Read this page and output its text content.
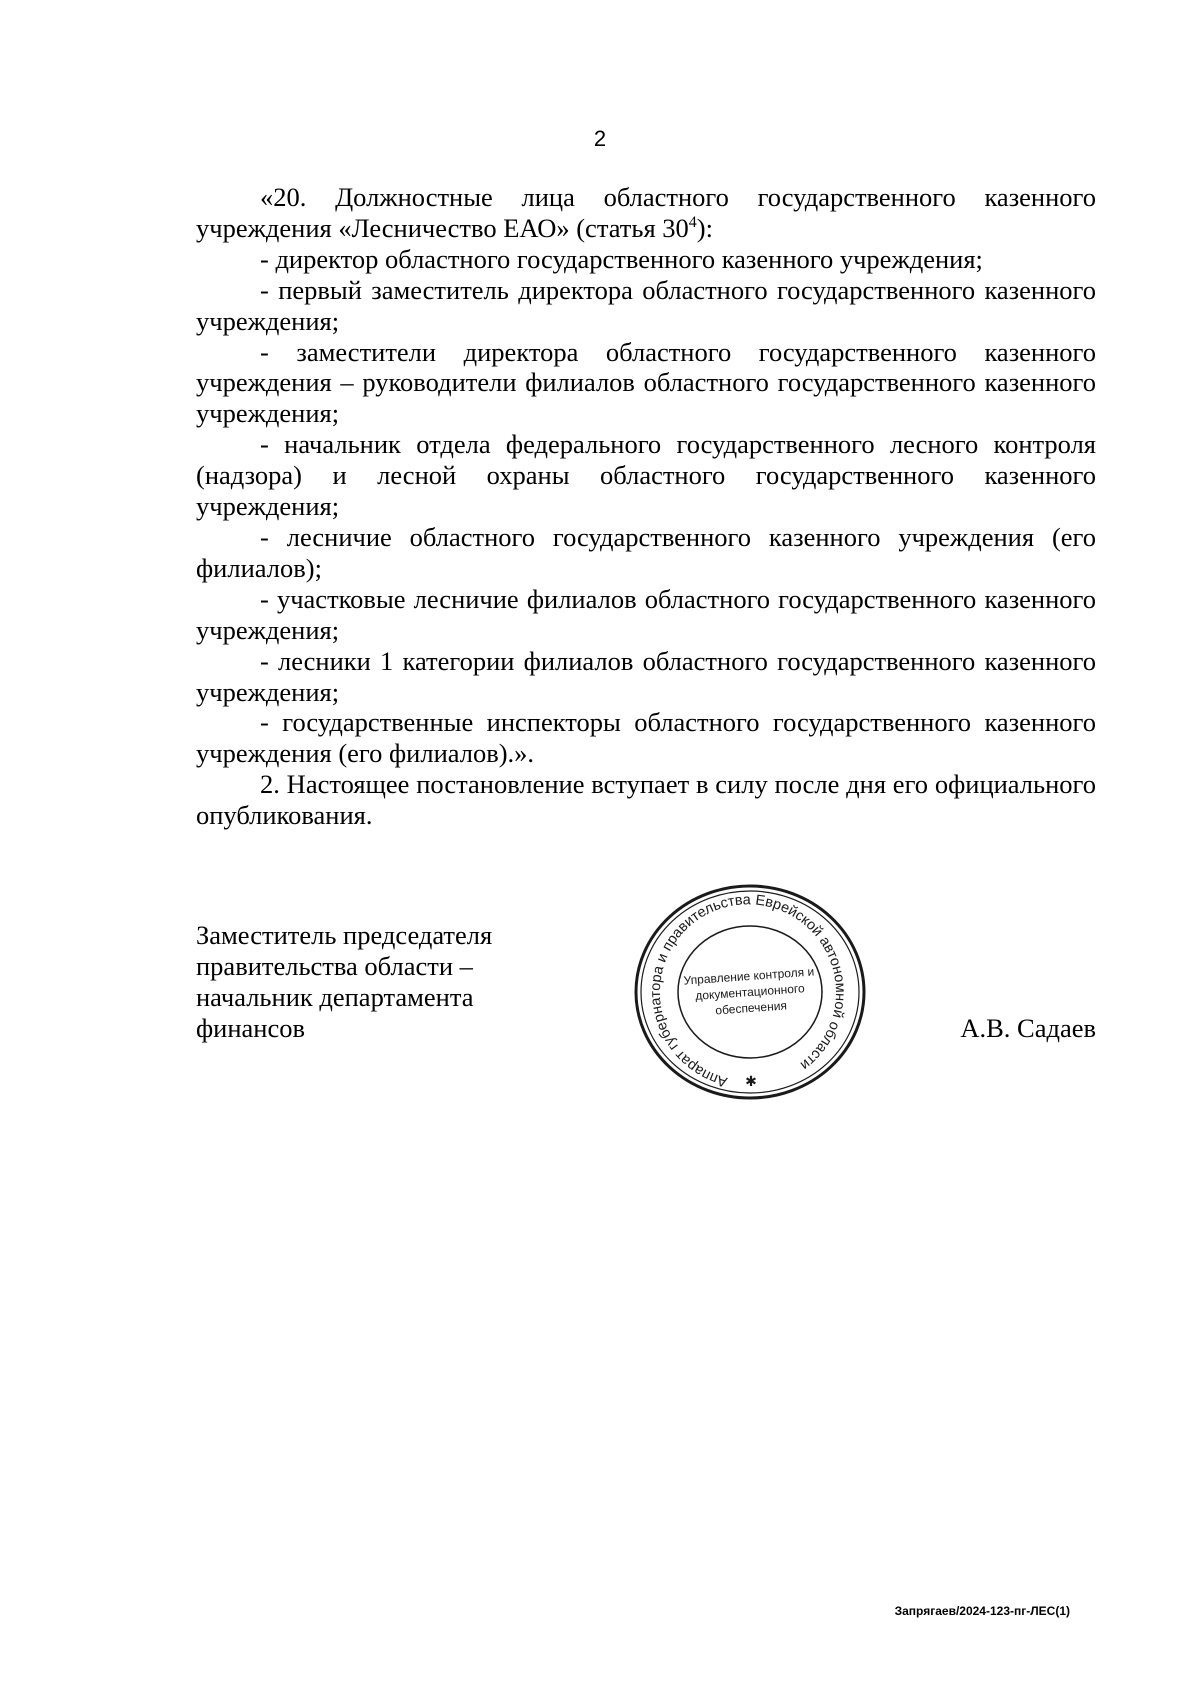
2

«20. Должностные лица областного государственного казенного учреждения «Лесничество ЕАО» (статья $30^4$):

- директор областного государственного казенного учреждения;

- первый заместитель директора областного государственного казенного учреждения;

- заместители директора областного государственного казенного учреждения – руководители филиалов областного государственного казенного учреждения;

- начальник отдела федерального государственного лесного контроля (надзора) и лесной охраны областного государственного казенного учреждения;

- лесничие областного государственного казенного учреждения (его филиалов);

- участковые лесничие филиалов областного государственного казенного учреждения;

- лесники 1 категории филиалов областного государственного казенного учреждения;

- государственные инспекторы областного государственного казенного учреждения (его филиалов).».

2. Настоящее постановление вступает в силу после дня его официального опубликования.

Заместитель председателя
правительства области –
начальник департамента
финансов
Аппарат губернатора и правительства Еврейской автономной области
Управление контроля и
документационного
обеспечения
✱
А.В. Садаев
Запрягаев/2024-123-пг-ЛЕС(1)
